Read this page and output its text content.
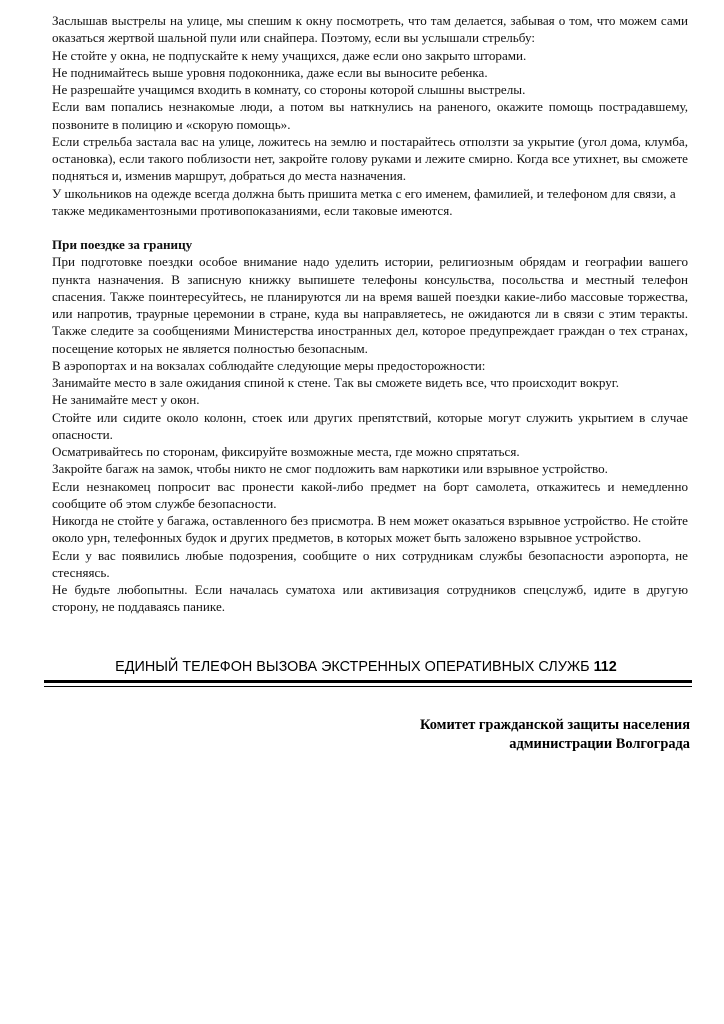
Заслышав выстрелы на улице, мы спешим к окну посмотреть, что там делается, забывая о том, что можем сами оказаться жертвой шальной пули или снайпера. Поэтому, если вы услышали стрельбу:

Не стойте у окна, не подпускайте к нему учащихся, даже если оно закрыто шторами.

Не поднимайтесь выше уровня подоконника, даже если вы выносите ребенка.

Не разрешайте учащимся входить в комнату, со стороны которой слышны выстрелы.

Если вам попались незнакомые люди, а потом вы наткнулись на раненого, окажите помощь пострадавшему, позвоните в полицию и «скорую помощь».

Если стрельба застала вас на улице, ложитесь на землю и постарайтесь отползти за укрытие (угол дома, клумба, остановка), если такого поблизости нет, закройте голову руками и лежите смирно. Когда все утихнет, вы сможете подняться и, изменив маршрут, добраться до места назначения.

У школьников на одежде всегда должна быть пришита метка с его именем, фамилией, и телефоном для связи, а также медикаментозными противопоказаниями, если таковые имеются.

При поездке за границу

При подготовке поездки особое внимание надо уделить истории, религиозным обрядам и географии вашего пункта назначения. В записную книжку выпишете телефоны консульства, посольства и местный телефон спасения. Также поинтересуйтесь, не планируются ли на время вашей поездки какие-либо массовые торжества, или напротив, траурные церемонии в стране, куда вы направляетесь, не ожидаются ли в связи с этим теракты. Также следите за сообщениями Министерства иностранных дел, которое предупреждает граждан о тех странах, посещение которых не является полностью безопасным.

В аэропортах и на вокзалах соблюдайте следующие меры предосторожности:

Занимайте место в зале ожидания спиной к стене. Так вы сможете видеть все, что происходит вокруг.

Не занимайте мест у окон.

Стойте или сидите около колонн, стоек или других препятствий, которые могут служить укрытием в случае опасности.

Осматривайтесь по сторонам, фиксируйте возможные места, где можно спрятаться.

Закройте багаж на замок, чтобы никто не смог подложить вам наркотики или взрывное устройство.

Если незнакомец попросит вас пронести какой-либо предмет на борт самолета, откажитесь и немедленно сообщите об этом службе безопасности.

Никогда не стойте у багажа, оставленного без присмотра. В нем может оказаться взрывное устройство. Не стойте около урн, телефонных будок и других предметов, в которых может быть заложено взрывное устройство.

Если у вас появились любые подозрения, сообщите о них сотрудникам службы безопасности аэропорта, не стесняясь.

Не будьте любопытны. Если началась суматоха или активизация сотрудников спецслужб, идите в другую сторону, не поддаваясь панике.

ЕДИНЫЙ ТЕЛЕФОН ВЫЗОВА ЭКСТРЕННЫХ ОПЕРАТИВНЫХ СЛУЖБ 112
Комитет гражданской защиты населения
администрации Волгограда
